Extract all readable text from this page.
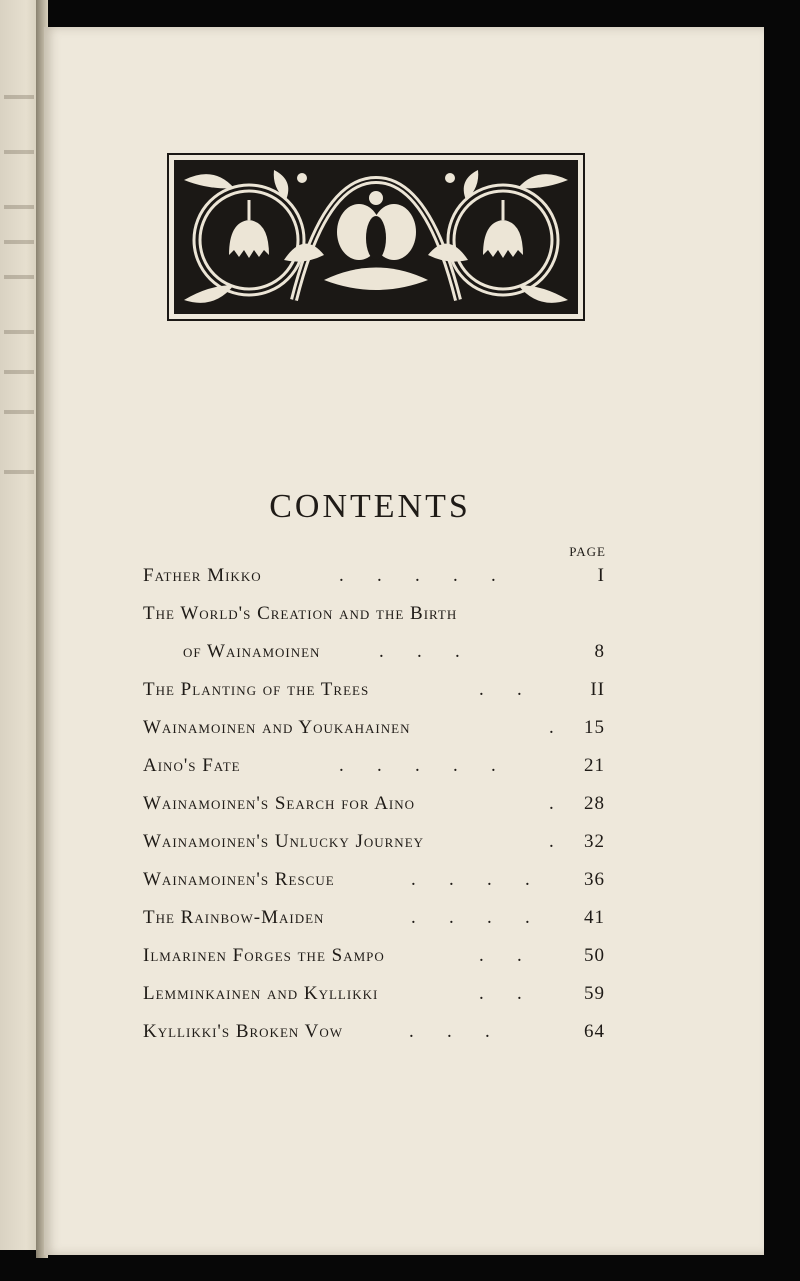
CONTENTS
PAGE
Father Mikko	.       .       .       .       .	I
The World's Creation and the Birth
of Wainamoinen	.       .       .	8
The Planting of the Trees	.       .	II
Wainamoinen and Youkahainen	. 15
Aino's Fate	.       .       .       .       .	21
Wainamoinen's Search for Aino	. 28
Wainamoinen's Unlucky Journey	. 32
Wainamoinen's Rescue	.       .       .       .	36
The Rainbow-Maiden	.       .       .       .	41
Ilmarinen Forges the Sampo	.       .	50
Lemminkainen and Kyllikki	.       .	59
Kyllikki's Broken Vow	.       .       .	64
